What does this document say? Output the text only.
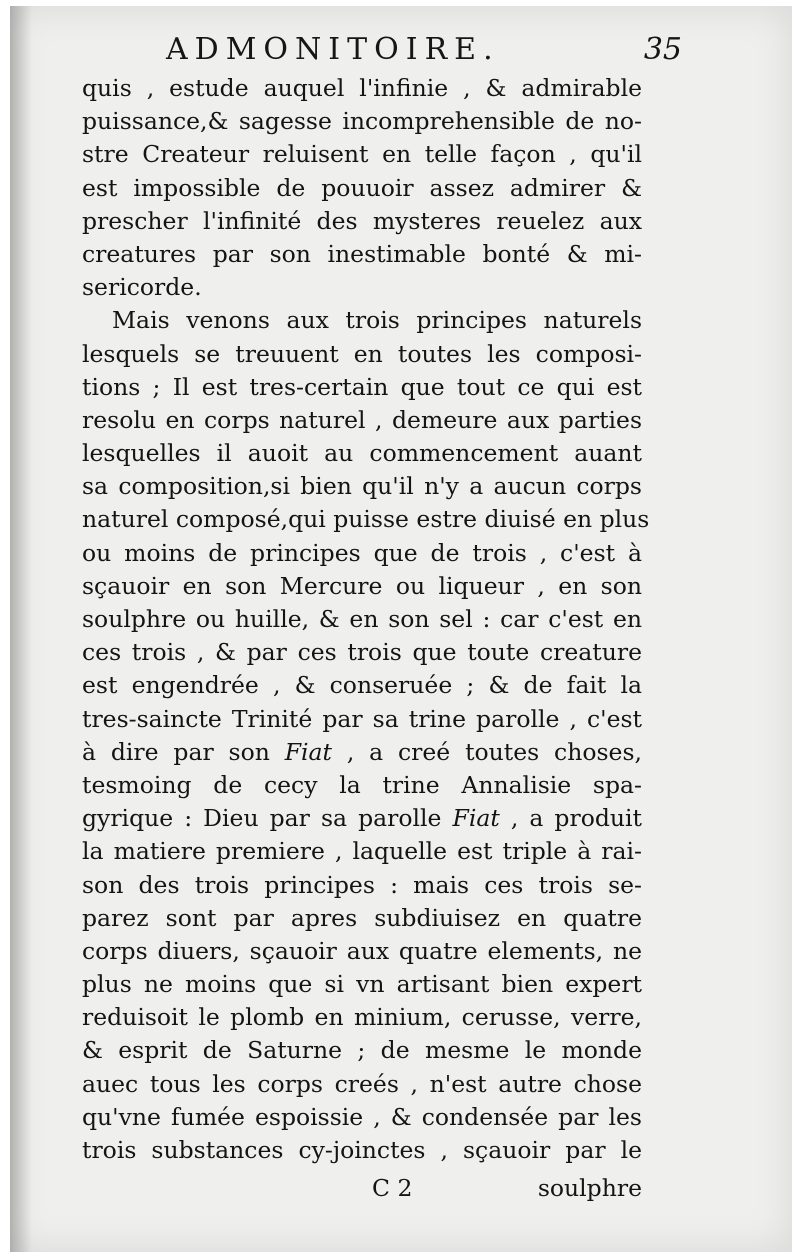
ADMONITOIRE.	35
quis , estude auquel l'infinie , & admirable
puissance,& sagesse incomprehensible de no-
stre Createur reluisent en telle façon , qu'il
est impossible de pouuoir assez admirer &
prescher l'infinité des mysteres reuelez aux
creatures par son inestimable bonté & mi-
sericorde.
Mais venons aux trois principes naturels
lesquels se treuuent en toutes les composi-
tions ; Il est tres-certain que tout ce qui est
resolu en corps naturel , demeure aux parties
lesquelles il auoit au commencement auant
sa composition,si bien qu'il n'y a aucun corps
naturel composé,qui puisse estre diuisé en plus
ou moins de principes que de trois , c'est à
sçauoir en son Mercure ou liqueur , en son
soulphre ou huille, & en son sel : car c'est en
ces trois , & par ces trois que toute creature
est engendrée , & conseruée ; & de fait la
tres-saincte Trinité par sa trine parolle , c'est
à dire par son Fiat , a creé toutes choses,
tesmoing de cecy la trine Annalisie spa-
gyrique : Dieu par sa parolle Fiat , a produit
la matiere premiere , laquelle est triple à rai-
son des trois principes : mais ces trois se-
parez sont par apres subdiuisez en quatre
corps diuers, sçauoir aux quatre elements, ne
plus ne moins que si vn artisant bien expert
reduisoit le plomb en minium, cerusse, verre,
& esprit de Saturne ; de mesme le monde
auec tous les corps creés , n'est autre chose
qu'vne fumée espoissie , & condensée par les
trois substances cy-joinctes , sçauoir par le
C 2	soulphre
